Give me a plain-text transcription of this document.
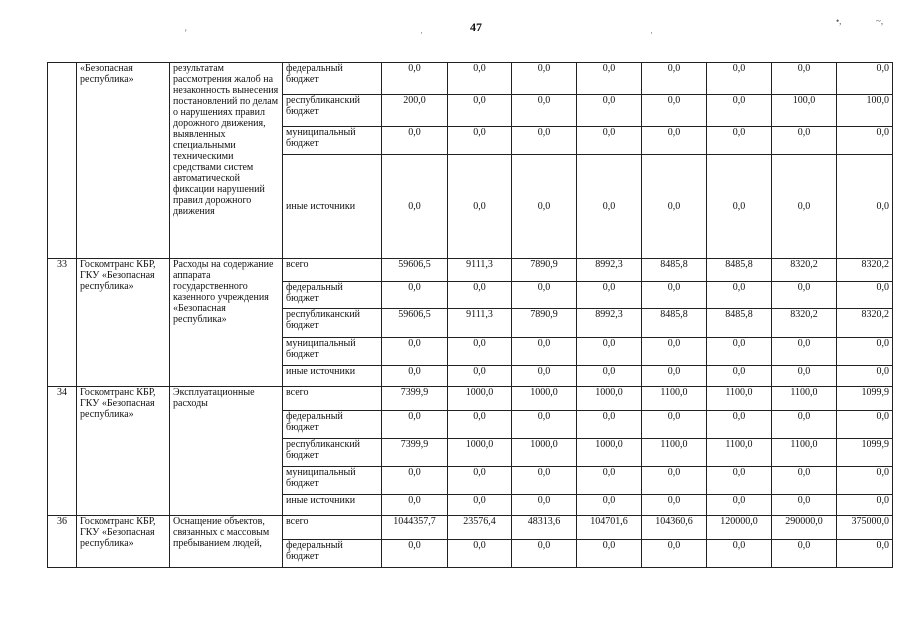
47
'	·	·
•,	~,
	«Безопасная республика»	результатам рассмотрения жалоб на незаконность вынесения постановлений по делам о нарушениях правил дорожного движения, выявленных специальными техническими средствами систем автоматической фиксации нарушений правил дорожного движения	федеральный бюджет	0,0	0,0	0,0	0,0	0,0	0,0	0,0	0,0
			республиканский бюджет	200,0	0,0	0,0	0,0	0,0	0,0	100,0	100,0
			муниципальный бюджет	0,0	0,0	0,0	0,0	0,0	0,0	0,0	0,0
			иные источники	0,0	0,0	0,0	0,0	0,0	0,0	0,0	0,0
33	Госкомтранс КБР, ГКУ «Безопасная республика»	Расходы на содержание аппарата государственного казенного учреждения «Безопасная республика»	всего	59606,5	9111,3	7890,9	8992,3	8485,8	8485,8	8320,2	8320,2
			федеральный бюджет	0,0	0,0	0,0	0,0	0,0	0,0	0,0	0,0
			республиканский бюджет	59606,5	9111,3	7890,9	8992,3	8485,8	8485,8	8320,2	8320,2
			муниципальный бюджет	0,0	0,0	0,0	0,0	0,0	0,0	0,0	0,0
			иные источники	0,0	0,0	0,0	0,0	0,0	0,0	0,0	0,0
34	Госкомтранс КБР, ГКУ «Безопасная республика»	Эксплуатационные расходы	всего	7399,9	1000,0	1000,0	1000,0	1100,0	1100,0	1100,0	1099,9
			федеральный бюджет	0,0	0,0	0,0	0,0	0,0	0,0	0,0	0,0
			республиканский бюджет	7399,9	1000,0	1000,0	1000,0	1100,0	1100,0	1100,0	1099,9
			муниципальный бюджет	0,0	0,0	0,0	0,0	0,0	0,0	0,0	0,0
			иные источники	0,0	0,0	0,0	0,0	0,0	0,0	0,0	0,0
36	Госкомтранс КБР, ГКУ «Безопасная республика»	Оснащение объектов, связанных с массовым пребыванием людей,	всего	1044357,7	23576,4	48313,6	104701,6	104360,6	120000,0	290000,0	375000,0
			федеральный бюджет	0,0	0,0	0,0	0,0	0,0	0,0	0,0	0,0
